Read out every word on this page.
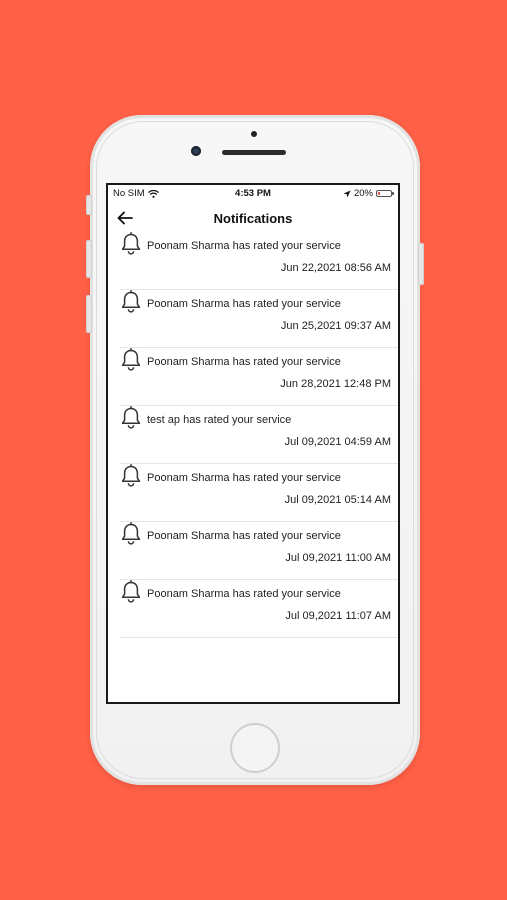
No SIM	4:53 PM	20%
Notifications
Poonam Sharma has rated your service
Jun 22,2021 08:56 AM
Poonam Sharma has rated your service
Jun 25,2021 09:37 AM
Poonam Sharma has rated your service
Jun 28,2021 12:48 PM
test ap has rated your service
Jul 09,2021 04:59 AM
Poonam Sharma has rated your service
Jul 09,2021 05:14 AM
Poonam Sharma has rated your service
Jul 09,2021 11:00 AM
Poonam Sharma has rated your service
Jul 09,2021 11:07 AM
